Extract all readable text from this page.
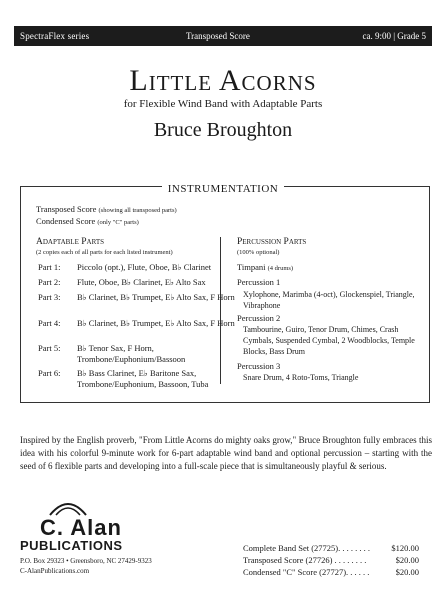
SpectraFlex series	Transposed Score	ca. 9:00 | Grade 5
Little Acorns
for Flexible Wind Band with Adaptable Parts
Bruce Broughton
INSTRUMENTATION
Transposed Score (showing all transposed parts)
Condensed Score (only "C" parts)
Adaptable Parts
(2 copies each of all parts for each listed instrument)
Part 1: Piccolo (opt.), Flute, Oboe, B♭ Clarinet
Part 2: Flute, Oboe, B♭ Clarinet, E♭ Alto Sax
Part 3: B♭ Clarinet, B♭ Trumpet, E♭ Alto Sax, F Horn
Part 4: B♭ Clarinet, B♭ Trumpet, E♭ Alto Sax, F Horn
Part 5: B♭ Tenor Sax, F Horn, Trombone/Euphonium/Bassoon
Part 6: B♭ Bass Clarinet, E♭ Baritone Sax, Trombone/Euphonium, Bassoon, Tuba
Percussion Parts
(100% optional)
Timpani (4 drums)
Percussion 1
Xylophone, Marimba (4-oct), Glockenspiel, Triangle, Vibraphone
Percussion 2
Tambourine, Guiro, Tenor Drum, Chimes, Crash Cymbals, Suspended Cymbal, 2 Woodblocks, Temple Blocks, Bass Drum
Percussion 3
Snare Drum, 4 Roto-Toms, Triangle
Inspired by the English proverb, "From Little Acorns do mighty oaks grow," Bruce Broughton fully embraces this idea with his colorful 9-minute work for 6-part adaptable wind band and optional percussion – starting with the seed of 6 flexible parts and developing into a full-scale piece that is simultaneously playful & serious.
C. Alan
PUBLICATIONS
P.O. Box 29323 • Greensboro, NC 27429-9323
C-AlanPublications.com
Complete Band Set (27725). . . . . . . .	$120.00
Transposed Score (27726) . . . . . . . .	$20.00
Condensed "C" Score (27727). . . . . .	$20.00
